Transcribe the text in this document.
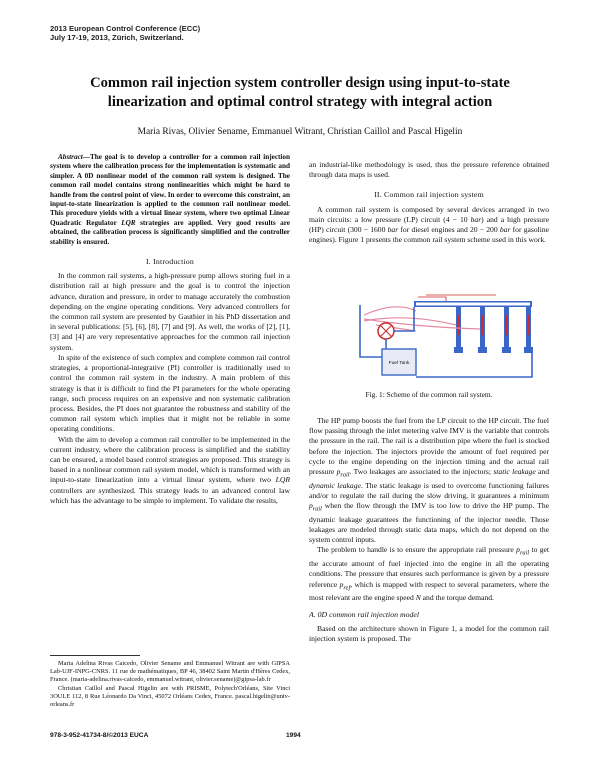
2013 European Control Conference (ECC)
July 17-19, 2013, Zürich, Switzerland.
Common rail injection system controller design using input-to-state
linearization and optimal control strategy with integral action
Maria Rivas, Olivier Sename, Emmanuel Witrant, Christian Caillol and Pascal Higelin

Abstract—The goal is to develop a controller for a common rail injection system where the calibration process for the implementation is systematic and simpler. A 0D nonlinear model of the common rail system is designed. The common rail model contains strong nonlinearities which might be hard to handle from the control point of view. In order to overcome this constraint, an input-to-state linearization is applied to the common rail nonlinear model. This procedure yields with a virtual linear system, where two optimal Linear Quadratic Regulator LQR strategies are applied. Very good results are obtained, the calibration process is significantly simplified and the controller stability is ensured.

I. Introduction

In the common rail systems, a high-pressure pump allows storing fuel in a distribution rail at high pressure and the goal is to control the injection advance, duration and pressure, in order to manage accurately the combustion depending on the engine operating conditions. Very advanced controllers for the common rail system are presented by Gauthier in his PhD dissertation and in several publications: [5], [6], [8], [7] and [9]. As well, the works of [2], [1], [3] and [4] are very representative approaches for the common rail injection system.

In spite of the existence of such complex and complete common rail control strategies, a proportional-integrative (PI) controller is traditionally used to control the common rail system in the industry. A main problem of this strategy is that it is difficult to find the PI parameters for the whole operating range, such process requires on an expensive and non systematic calibration process. Besides, the PI does not guarantee the robustness and stability of the common rail system which implies that it might not be reliable in some operating conditions.

With the aim to develop a common rail controller to be implemented in the current industry, where the calibration process is simplified and the stability can be ensured, a model based control strategies are proposed. This strategy is based in a nonlinear common rail system model, which is transformed with an input-to-state linearization into a virtual linear system, where two LQR controllers are synthesized. This strategy leads to an advanced control law which has the advantage to be simple to implement. To validate the results,

Maria Adelina Rivas Caicedo, Olivier Sename and Emmanuel Witrant are with GIPSA Lab-UJF-INPG-CNRS. 11 rue de mathématiques, BP 46, 38402 Saint Martin d'Hères Cedex, France. (maria-adelina.rivas-caicedo, emmanuel.witrant, olivier.sename)@gipsa-lab.fr

Christian Caillol and Pascal Higelin are with PRISME, Polytech'Orléans, Site Vinci 3OULE 112, 8 Rue Léonardo Da Vinci, 45072 Orléans Cedex, France. pascal.higelin@univ-orleans.fr

an industrial-like methodology is used, thus the pressure reference obtained through data maps is used.

II. Common rail injection system

A common rail system is composed by several devices arranged in two main circuits: a low pressure (LP) circuit (4 − 10 bar) and a high pressure (HP) circuit (300 − 1600 bar for diesel engines and 20 − 200 bar for gasoline engines). Figure 1 presents the common rail system scheme used in this work.

Fuel Tank
Fig. 1: Scheme of the common rail system.

The HP pump boosts the fuel from the LP circuit to the HP circuit. The fuel flow passing through the inlet metering valve IMV is the variable that controls the pressure in the rail. The rail is a distribution pipe where the fuel is stocked before the injection. The injectors provide the amount of fuel required per cycle to the engine depending on the injection timing and the actual rail pressure $p_{rail}$. Two leakages are associated to the injectors; static leakage and dynamic leakage. The static leakage is used to overcome functioning failures and/or to regulate the rail during the slow driving, it guarantees a minimum $p_{rail}$ when the flow through the IMV is too low to drive the HP pump. The dynamic leakage guarantees the functioning of the injector needle. Those leakages are modeled through static data maps, which do not depend on the system control inputs.

The problem to handle is to ensure the appropriate rail pressure $p_{rail}$ to get the accurate amount of fuel injected into the engine in all the operating conditions. The pressure that ensures such performance is given by a pressure reference $p_{ref}$, which is mapped with respect to several parameters, where the most relevant are the engine speed N and the torque demand.

A. 0D common rail injection model

Based on the architecture shown in Figure 1, a model for the common rail injection system is proposed. The

978-3-952-41734-8/©2013 EUCA	1994
